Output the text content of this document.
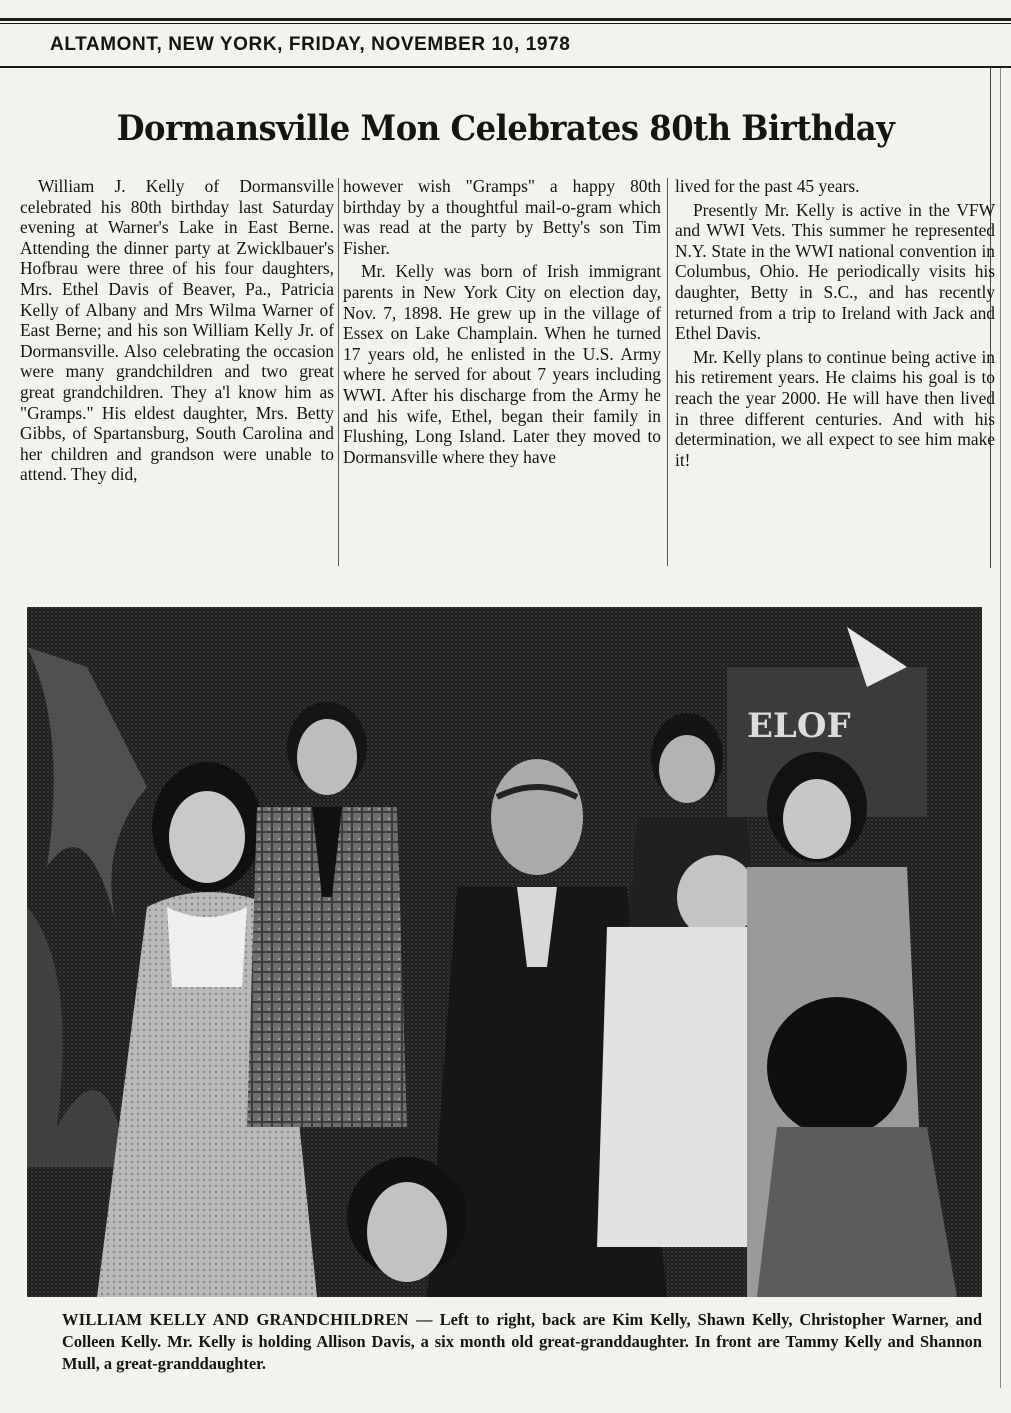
ALTAMONT, NEW YORK, FRIDAY, NOVEMBER 10, 1978
Dormansville Mon Celebrates 80th Birthday

William J. Kelly of Dormansville celebrated his 80th birthday last Saturday evening at Warner's Lake in East Berne. Attending the dinner party at Zwicklbauer's Hofbrau were three of his four daughters, Mrs. Ethel Davis of Beaver, Pa., Patricia Kelly of Albany and Mrs Wilma Warner of East Berne; and his son William Kelly Jr. of Dormansville. Also celebrating the occasion were many grandchildren and two great great grandchildren. They a'l know him as "Gramps." His eldest daughter, Mrs. Betty Gibbs, of Spartansburg, South Carolina and her children and grandson were unable to attend. They did,

however wish "Gramps" a happy 80th birthday by a thoughtful mail-o-gram which was read at the party by Betty's son Tim Fisher.

Mr. Kelly was born of Irish immigrant parents in New York City on election day, Nov. 7, 1898. He grew up in the village of Essex on Lake Champlain. When he turned 17 years old, he enlisted in the U.S. Army where he served for about 7 years including WWI. After his discharge from the Army he and his wife, Ethel, began their family in Flushing, Long Island. Later they moved to Dormansville where they have

lived for the past 45 years.

Presently Mr. Kelly is active in the VFW and WWI Vets. This summer he represented N.Y. State in the WWI national convention in Columbus, Ohio. He periodically visits his daughter, Betty in S.C., and has recently returned from a trip to Ireland with Jack and Ethel Davis.

Mr. Kelly plans to continue being active in his retirement years. He claims his goal is to reach the year 2000. He will have then lived in three different centuries. And with his determination, we all expect to see him make it!

ELOF
WILLIAM KELLY AND GRANDCHILDREN — Left to right, back are Kim Kelly, Shawn Kelly, Christopher Warner, and Colleen Kelly. Mr. Kelly is holding Allison Davis, a six month old great-granddaughter. In front are Tammy Kelly and Shannon Mull, a great-granddaughter.
